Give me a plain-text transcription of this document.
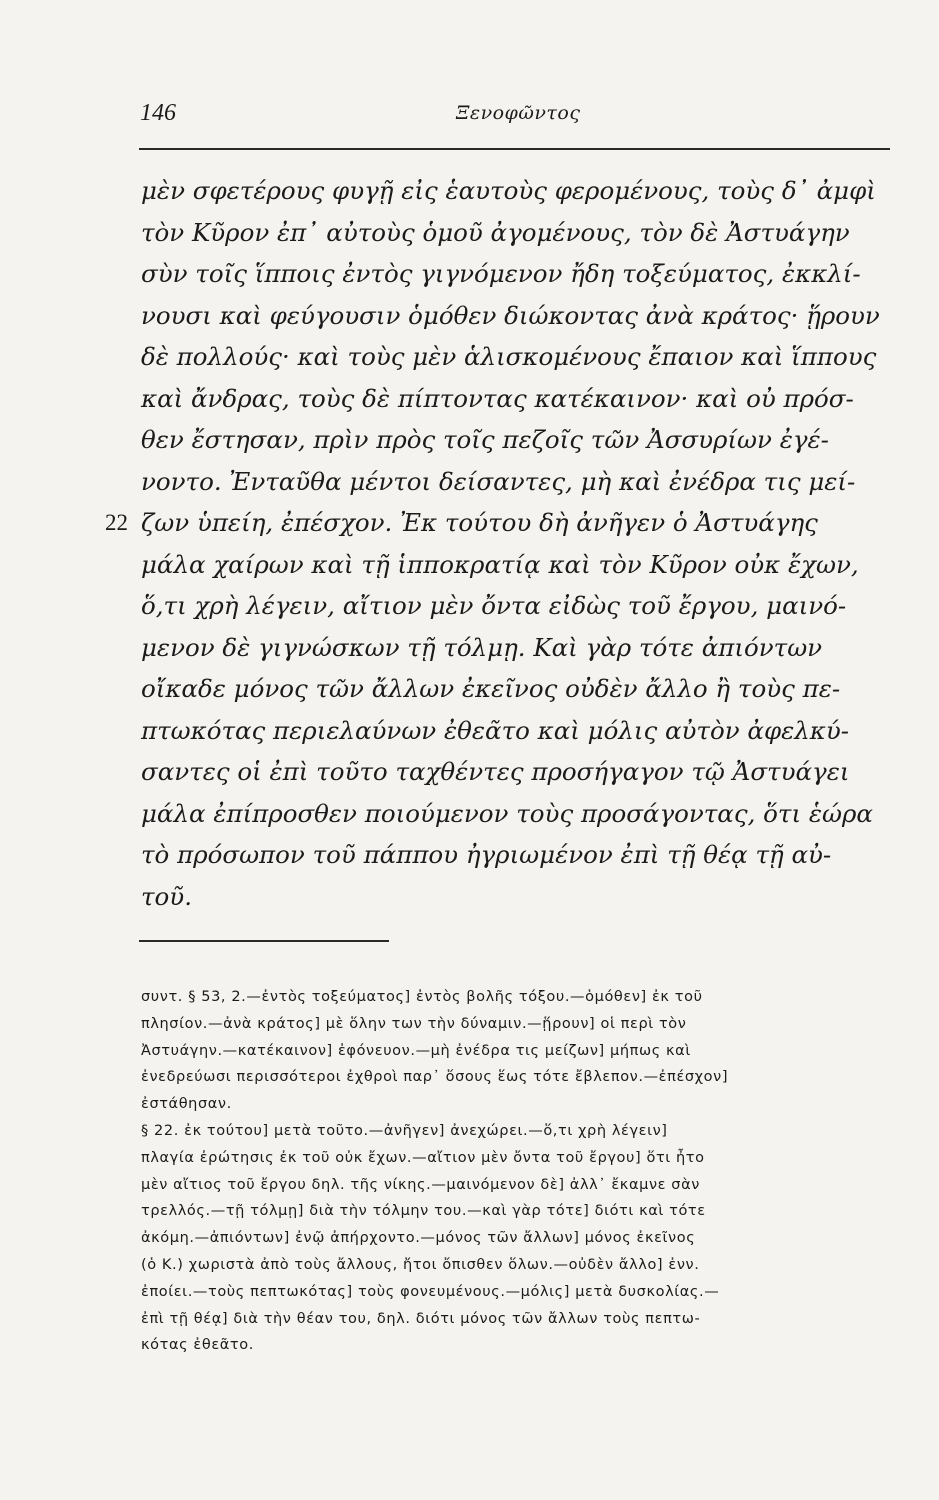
146	Ξενοφῶντος
μὲν σφετέρους φυγῇ εἰς ἑαυτοὺς φερομένους, τοὺς δ᾽ ἀμφὶ
τὸν Κῦρον ἐπ᾽ αὐτοὺς ὁμοῦ ἀγομένους, τὸν δὲ Ἀστυάγην
σὺν τοῖς ἵπποις ἐντὸς γιγνόμενον ἤδη τοξεύματος, ἐκκλί-
νουσι καὶ φεύγουσιν ὁμόθεν διώκοντας ἀνὰ κράτος· ᾕρουν
δὲ πολλούς· καὶ τοὺς μὲν ἁλισκομένους ἔπαιον καὶ ἵππους
καὶ ἄνδρας, τοὺς δὲ πίπτοντας κατέκαινον· καὶ οὐ πρόσ-
θεν ἔστησαν, πρὶν πρὸς τοῖς πεζοῖς τῶν Ἀσσυρίων ἐγέ-
νοντο. Ἐνταῦθα μέντοι δείσαντες, μὴ καὶ ἐνέδρα τις μεί-
22 ζων ὑπείη, ἐπέσχον. Ἐκ τούτου δὴ ἀνῆγεν ὁ Ἀστυάγης
μάλα χαίρων καὶ τῇ ἱπποκρατίᾳ καὶ τὸν Κῦρον οὐκ ἔχων,
ὅ,τι χρὴ λέγειν, αἴτιον μὲν ὄντα εἰδὼς τοῦ ἔργου, μαινό-
μενον δὲ γιγνώσκων τῇ τόλμῃ. Καὶ γὰρ τότε ἀπιόντων
οἴκαδε μόνος τῶν ἄλλων ἐκεῖνος οὐδὲν ἄλλο ἢ τοὺς πε-
πτωκότας περιελαύνων ἐθεᾶτο καὶ μόλις αὐτὸν ἀφελκύ-
σαντες οἱ ἐπὶ τοῦτο ταχθέντες προσήγαγον τῷ Ἀστυάγει
μάλα ἐπίπροσθεν ποιούμενον τοὺς προσάγοντας, ὅτι ἑώρα
τὸ πρόσωπον τοῦ πάππου ἠγριωμένον ἐπὶ τῇ θέᾳ τῇ αὐ-
τοῦ.
συντ. § 53, 2.—ἐντὸς τοξεύματος] ἐντὸς βολῆς τόξου.—ὁμόθεν] ἐκ τοῦ
πλησίον.—ἀνὰ κράτος] μὲ ὅλην των τὴν δύναμιν.—ᾕρουν] οἱ περὶ τὸν
Ἀστυάγην.—κατέκαινον] ἐφόνευον.—μὴ ἐνέδρα τις μείζων] μήπως καὶ
ἐνεδρεύωσι περισσότεροι ἐχθροὶ παρ᾽ ὅσους ἕως τότε ἔβλεπον.—ἐπέσχον]
ἐστάθησαν.
§ 22. ἐκ τούτου] μετὰ τοῦτο.—ἀνῆγεν] ἀνεχώρει.—ὅ,τι χρὴ λέγειν]
πλαγία ἐρώτησις ἐκ τοῦ οὐκ ἔχων.—αἴτιον μὲν ὄντα τοῦ ἔργου] ὅτι ἦτο
μὲν αἴτιος τοῦ ἔργου δηλ. τῆς νίκης.—μαινόμενον δὲ] ἀλλ᾽ ἔκαμνε σὰν
τρελλός.—τῇ τόλμῃ] διὰ τὴν τόλμην του.—καὶ γὰρ τότε] διότι καὶ τότε
ἀκόμη.—ἀπιόντων] ἐνῷ ἀπήρχοντο.—μόνος τῶν ἄλλων] μόνος ἐκεῖνος
(ὁ Κ.) χωριστὰ ἀπὸ τοὺς ἄλλους, ἤτοι ὄπισθεν ὅλων.—οὐδὲν ἄλλο] ἐνν.
ἐποίει.—τοὺς πεπτωκότας] τοὺς φονευμένους.—μόλις] μετὰ δυσκολίας.—
ἐπὶ τῇ θέᾳ] διὰ τὴν θέαν του, δηλ. διότι μόνος τῶν ἄλλων τοὺς πεπτω-
κότας ἐθεᾶτο.
